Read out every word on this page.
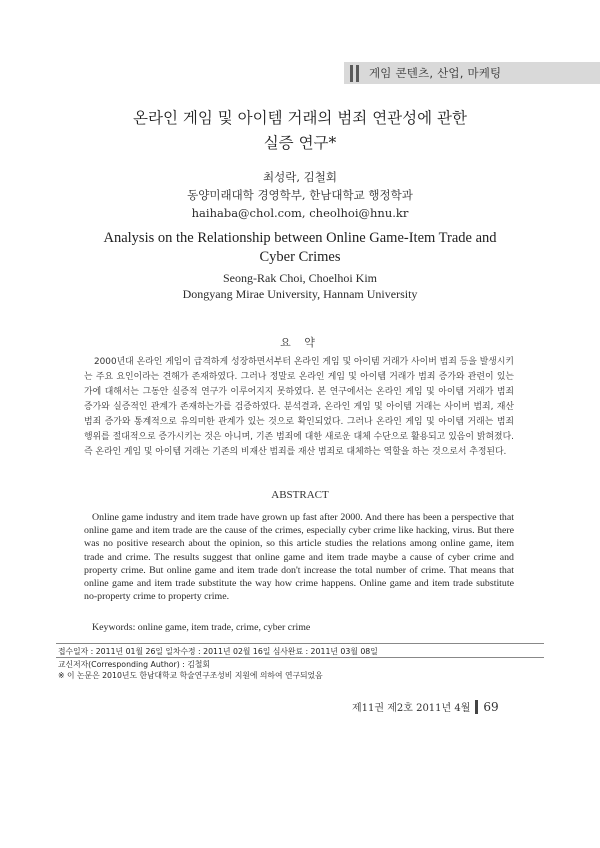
게임 콘텐츠, 산업, 마케팅
온라인 게임 및 아이템 거래의 범죄 연관성에 관한
실증 연구*
최성락, 김철회
동양미래대학 경영학부, 한남대학교 행정학과
haihaba@chol.com, cheolhoi@hnu.kr
Analysis on the Relationship between Online Game-Item Trade and
Cyber Crimes
Seong-Rak Choi, Choelhoi Kim
Dongyang Mirae University, Hannam University
요 약
2000년대 온라인 게임이 급격하게 성장하면서부터 온라인 게임 및 아이템 거래가 사이버 범죄 등을 발생시키는 주요 요인이라는 견해가 존재하였다. 그러나 정말로 온라인 게임 및 아이템 거래가 범죄 증가와 관련이 있는가에 대해서는 그동안 실증적 연구가 이루어지지 못하였다. 본 연구에서는 온라인 게임 및 아이템 거래가 범죄 증가와 실증적인 관계가 존재하는가를 검증하였다. 분석결과, 온라인 게임 및 아이템 거래는 사이버 범죄, 재산 범죄 증가와 통계적으로 유의미한 관계가 있는 것으로 확인되었다. 그러나 온라인 게임 및 아이템 거래는 범죄 행위를 절대적으로 증가시키는 것은 아니며, 기존 범죄에 대한 새로운 대체 수단으로 활용되고 있음이 밝혀졌다. 즉 온라인 게임 및 아이템 거래는 기존의 비재산 범죄를 재산 범죄로 대체하는 역할을 하는 것으로서 추정된다.
ABSTRACT
Online game industry and item trade have grown up fast after 2000. And there has been a perspective that online game and item trade are the cause of the crimes, especially cyber crime like hacking, virus. But there was no positive research about the opinion, so this article studies the relations among online game, item trade and crime. The results suggest that online game and item trade maybe a cause of cyber crime and property crime. But online game and item trade don't increase the total number of crime. That means that online game and item trade substitute the way how crime happens. Online game and item trade substitute no-property crime to property crime.
Keywords: online game, item trade, crime, cyber crime
접수일자 : 2011년 01월 26일 일차수정 : 2011년 02월 16일 심사완료 : 2011년 03월 08일
교신저자(Corresponding Author) : 김철회
※ 이 논문은 2010년도 한남대학교 학술연구조성비 지원에 의하여 연구되었음
제11권 제2호 2011년 4월 69
